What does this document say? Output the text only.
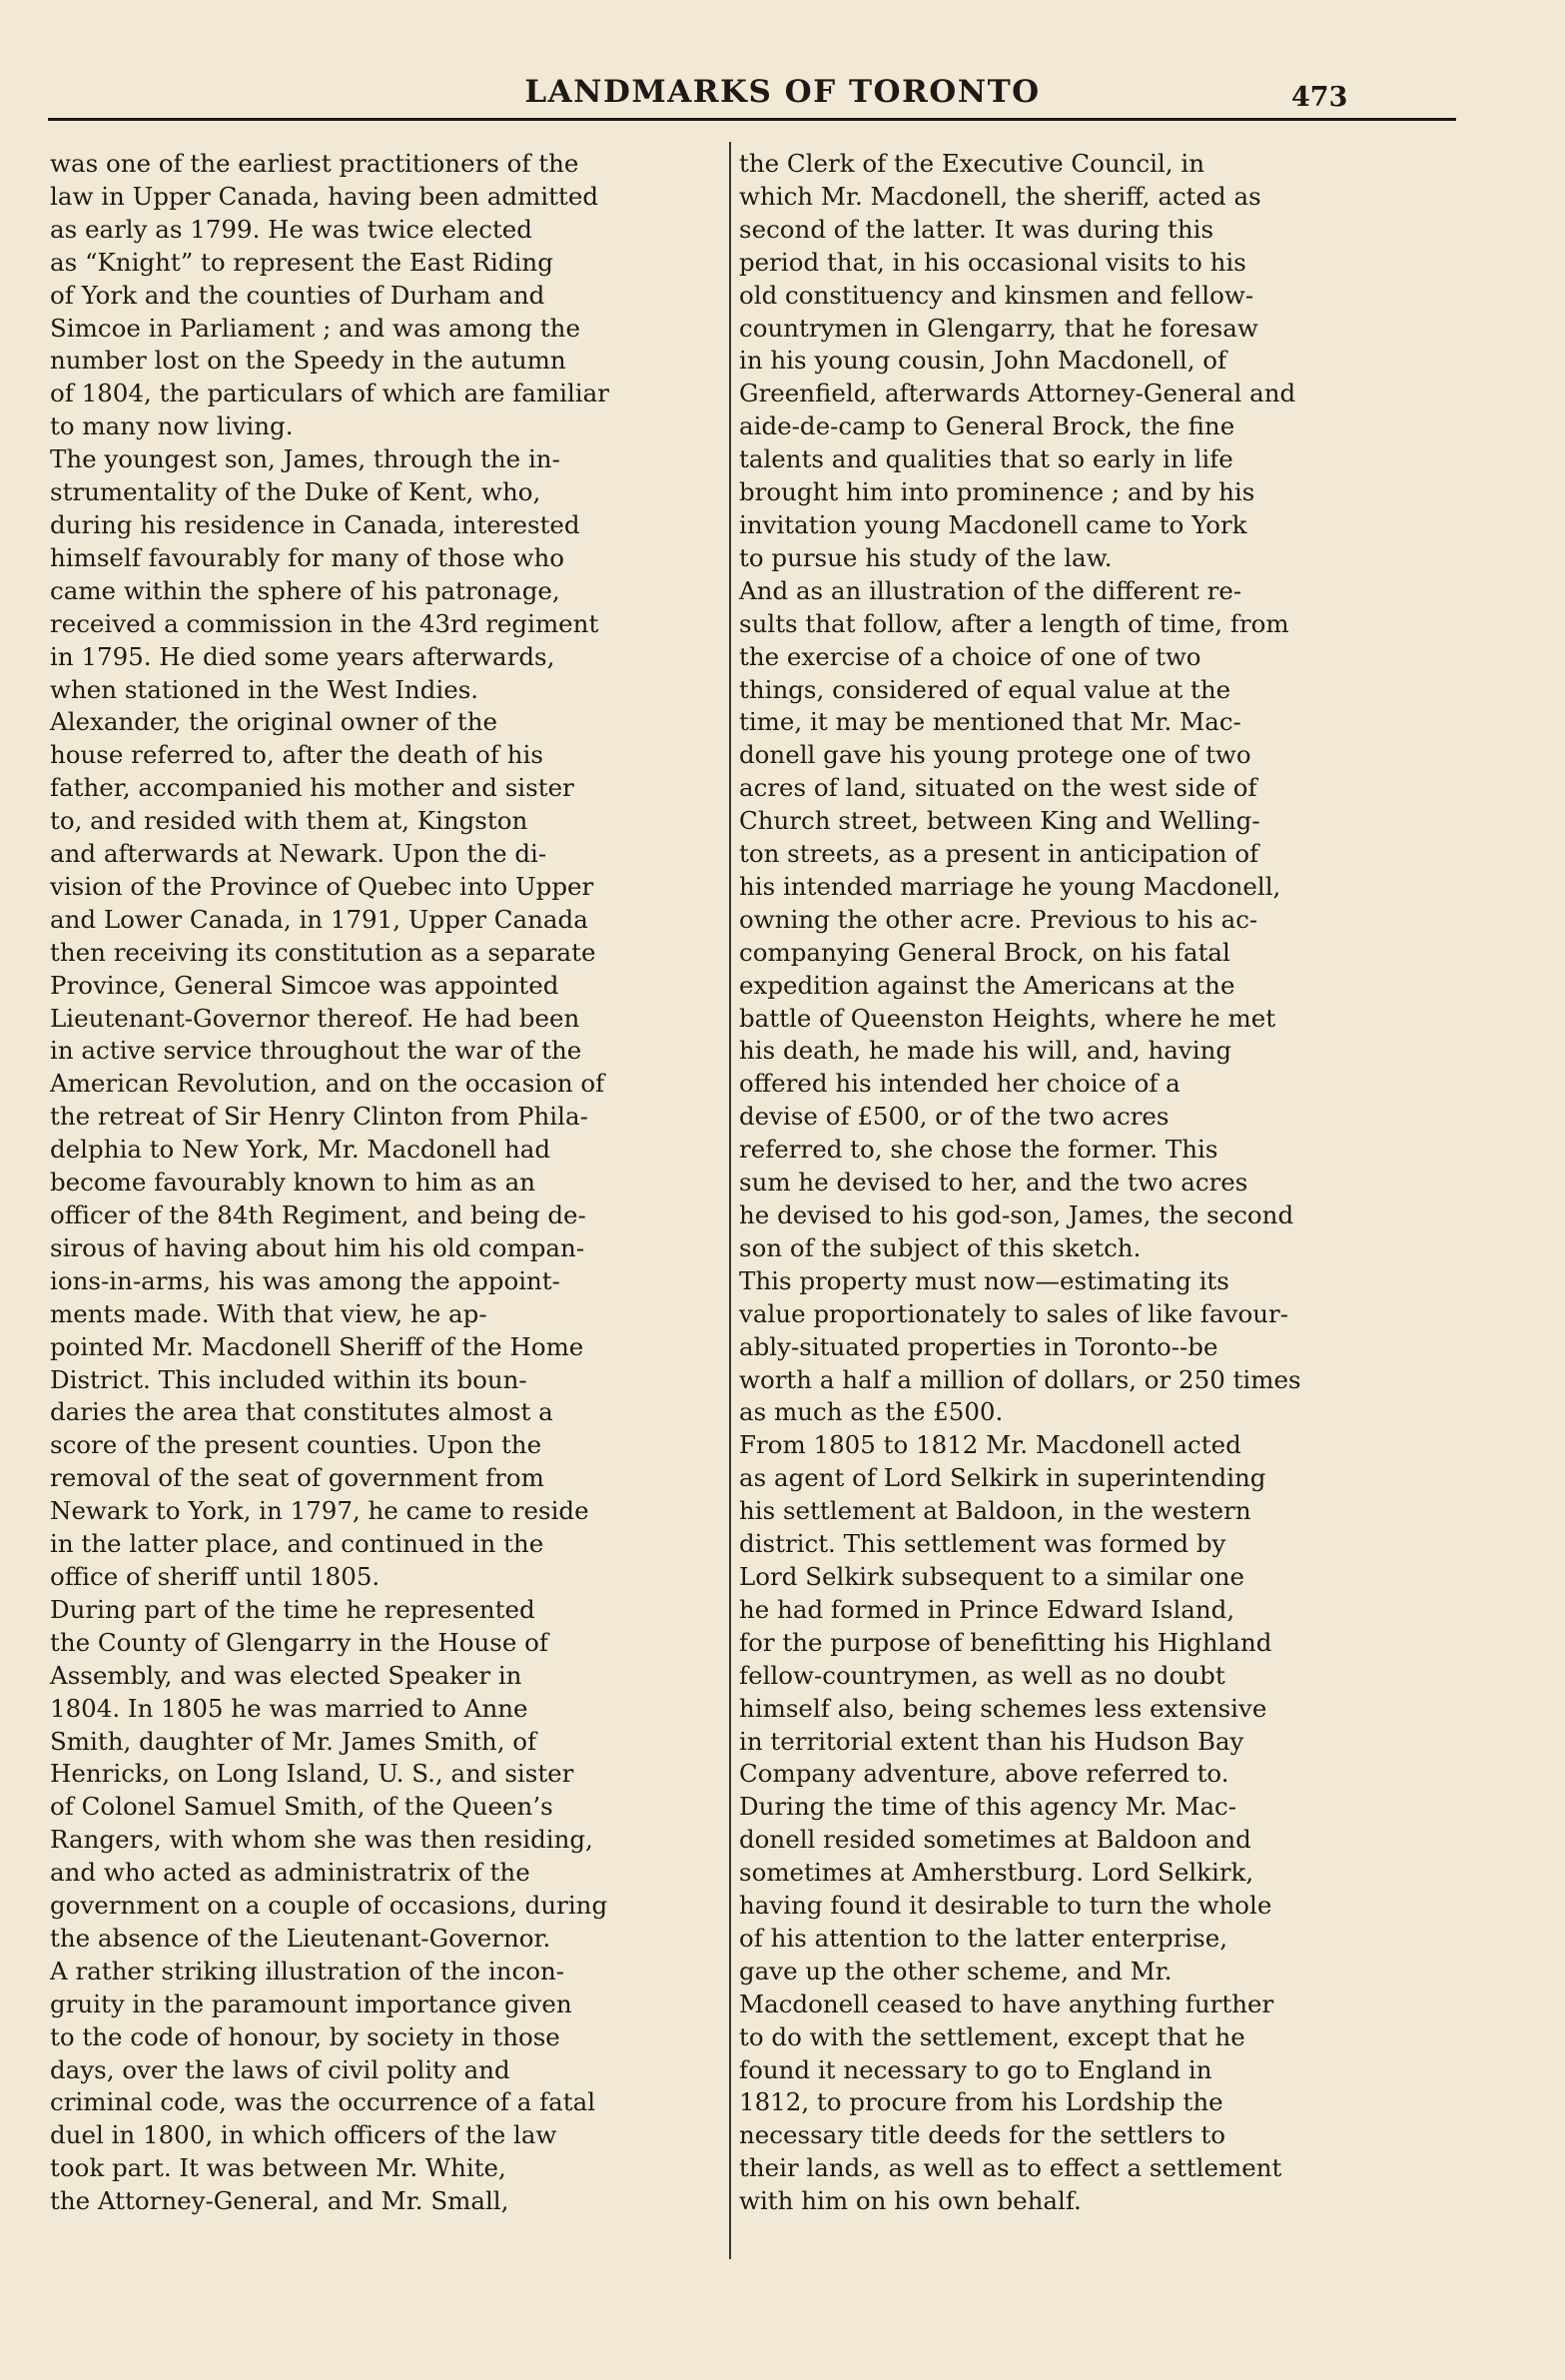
LANDMARKS OF TORONTO	473
was one of the earliest practitioners of the
law in Upper Canada, having been admitted
as early as 1799. He was twice elected
as “Knight” to represent the East Riding
of York and the counties of Durham and
Simcoe in Parliament ; and was among the
number lost on the Speedy in the autumn
of 1804, the particulars of which are familiar
to many now living.
The youngest son, James, through the in-
strumentality of the Duke of Kent, who,
during his residence in Canada, interested
himself favourably for many of those who
came within the sphere of his patronage,
received a commission in the 43rd regiment
in 1795. He died some years afterwards,
when stationed in the West Indies.
Alexander, the original owner of the
house referred to, after the death of his
father, accompanied his mother and sister
to, and resided with them at, Kingston
and afterwards at Newark. Upon the di-
vision of the Province of Quebec into Upper
and Lower Canada, in 1791, Upper Canada
then receiving its constitution as a separate
Province, General Simcoe was appointed
Lieutenant-Governor thereof. He had been
in active service throughout the war of the
American Revolution, and on the occasion of
the retreat of Sir Henry Clinton from Phila-
delphia to New York, Mr. Macdonell had
become favourably known to him as an
officer of the 84th Regiment, and being de-
sirous of having about him his old compan-
ions-in-arms, his was among the appoint-
ments made. With that view, he ap-
pointed Mr. Macdonell Sheriff of the Home
District. This included within its boun-
daries the area that constitutes almost a
score of the present counties. Upon the
removal of the seat of government from
Newark to York, in 1797, he came to reside
in the latter place, and continued in the
office of sheriff until 1805.
During part of the time he represented
the County of Glengarry in the House of
Assembly, and was elected Speaker in
1804. In 1805 he was married to Anne
Smith, daughter of Mr. James Smith, of
Henricks, on Long Island, U. S., and sister
of Colonel Samuel Smith, of the Queen’s
Rangers, with whom she was then residing,
and who acted as administratrix of the
government on a couple of occasions, during
the absence of the Lieutenant-Governor.
A rather striking illustration of the incon-
gruity in the paramount importance given
to the code of honour, by society in those
days, over the laws of civil polity and
criminal code, was the occurrence of a fatal
duel in 1800, in which officers of the law
took part. It was between Mr. White,
the Attorney-General, and Mr. Small,
the Clerk of the Executive Council, in
which Mr. Macdonell, the sheriff, acted as
second of the latter. It was during this
period that, in his occasional visits to his
old constituency and kinsmen and fellow-
countrymen in Glengarry, that he foresaw
in his young cousin, John Macdonell, of
Greenfield, afterwards Attorney-General and
aide-de-camp to General Brock, the fine
talents and qualities that so early in life
brought him into prominence ; and by his
invitation young Macdonell came to York
to pursue his study of the law.
And as an illustration of the different re-
sults that follow, after a length of time, from
the exercise of a choice of one of two
things, considered of equal value at the
time, it may be mentioned that Mr. Mac-
donell gave his young protege one of two
acres of land, situated on the west side of
Church street, between King and Welling-
ton streets, as a present in anticipation of
his intended marriage he young Macdonell,
owning the other acre. Previous to his ac-
companying General Brock, on his fatal
expedition against the Americans at the
battle of Queenston Heights, where he met
his death, he made his will, and, having
offered his intended her choice of a
devise of £500, or of the two acres
referred to, she chose the former. This
sum he devised to her, and the two acres
he devised to his god-son, James, the second
son of the subject of this sketch.
This property must now—estimating its
value proportionately to sales of like favour-
ably-situated properties in Toronto--be
worth a half a million of dollars, or 250 times
as much as the £500.
From 1805 to 1812 Mr. Macdonell acted
as agent of Lord Selkirk in superintending
his settlement at Baldoon, in the western
district. This settlement was formed by
Lord Selkirk subsequent to a similar one
he had formed in Prince Edward Island,
for the purpose of benefitting his Highland
fellow-countrymen, as well as no doubt
himself also, being schemes less extensive
in territorial extent than his Hudson Bay
Company adventure, above referred to.
During the time of this agency Mr. Mac-
donell resided sometimes at Baldoon and
sometimes at Amherstburg. Lord Selkirk,
having found it desirable to turn the whole
of his attention to the latter enterprise,
gave up the other scheme, and Mr.
Macdonell ceased to have anything further
to do with the settlement, except that he
found it necessary to go to England in
1812, to procure from his Lordship the
necessary title deeds for the settlers to
their lands, as well as to effect a settlement
with him on his own behalf.
